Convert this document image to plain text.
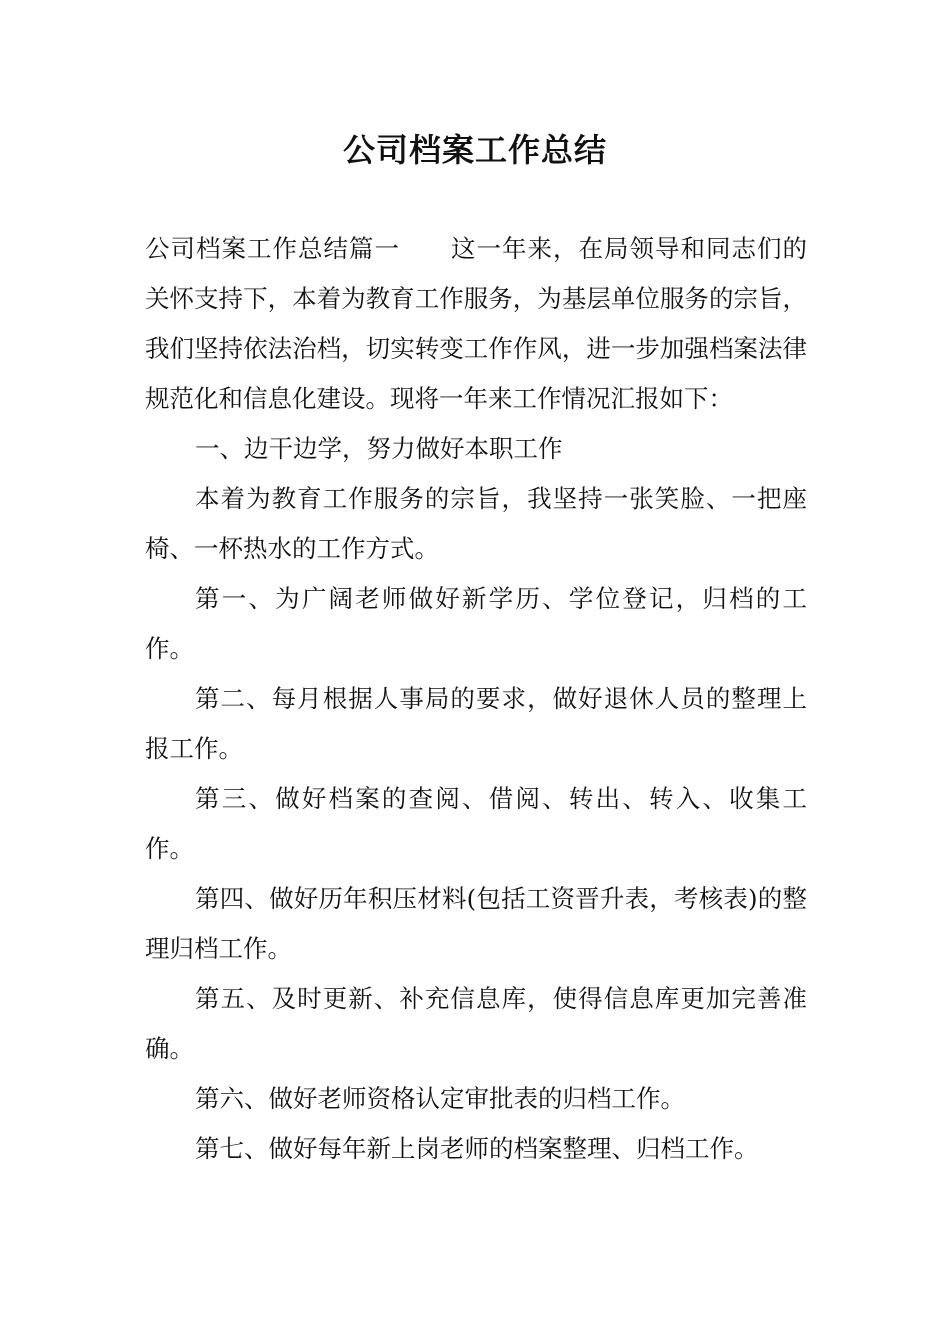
公司档案工作总结

公司档案工作总结篇一 这一年来，在局领导和同志们的关怀支持下，本着为教育工作服务，为基层单位服务的宗旨，我们坚持依法治档，切实转变工作作风，进一步加强档案法律规范化和信息化建设。现将一年来工作情况汇报如下：

一、边干边学，努力做好本职工作

本着为教育工作服务的宗旨，我坚持一张笑脸、一把座椅、一杯热水的工作方式。

第一、为广阔老师做好新学历、学位登记，归档的工作。

第二、每月根据人事局的要求，做好退休人员的整理上报工作。

第三、做好档案的查阅、借阅、转出、转入、收集工作。

第四、做好历年积压材料(包括工资晋升表，考核表)的整理归档工作。

第五、及时更新、补充信息库，使得信息库更加完善准确。

第六、做好老师资格认定审批表的归档工作。

第七、做好每年新上岗老师的档案整理、归档工作。
